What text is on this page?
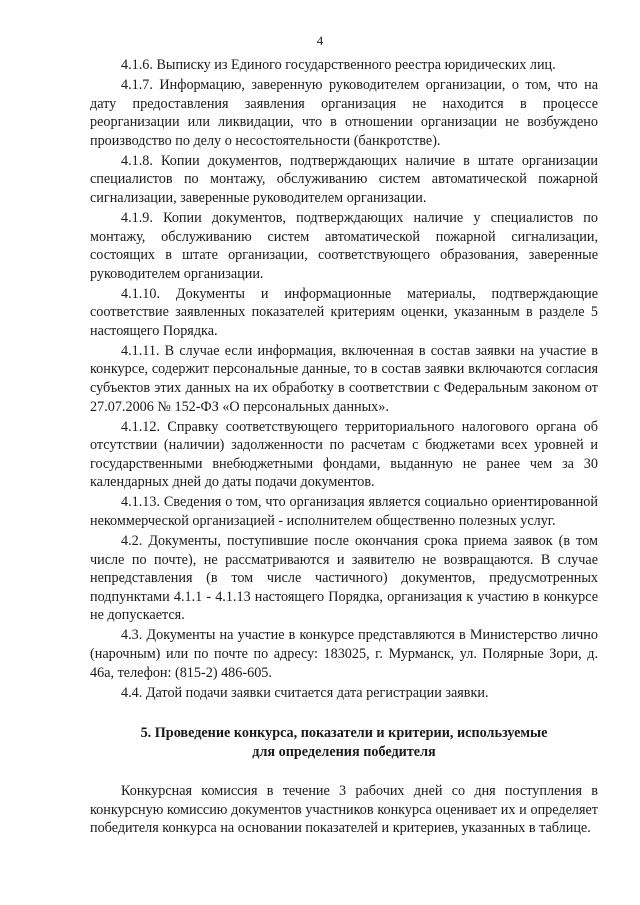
4

4.1.6. Выписку из Единого государственного реестра юридических лиц.

4.1.7. Информацию, заверенную руководителем организации, о том, что на дату предоставления заявления организация не находится в процессе реорганизации или ликвидации, что в отношении организации не возбуждено производство по делу о несостоятельности (банкротстве).

4.1.8. Копии документов, подтверждающих наличие в штате организации специалистов по монтажу, обслуживанию систем автоматической пожарной сигнализации, заверенные руководителем организации.

4.1.9. Копии документов, подтверждающих наличие у специалистов по монтажу, обслуживанию систем автоматической пожарной сигнализации, состоящих в штате организации, соответствующего образования, заверенные руководителем организации.

4.1.10. Документы и информационные материалы, подтверждающие соответствие заявленных показателей критериям оценки, указанным в разделе 5 настоящего Порядка.

4.1.11. В случае если информация, включенная в состав заявки на участие в конкурсе, содержит персональные данные, то в состав заявки включаются согласия субъектов этих данных на их обработку в соответствии с Федеральным законом от 27.07.2006 № 152-ФЗ «О персональных данных».

4.1.12. Справку соответствующего территориального налогового органа об отсутствии (наличии) задолженности по расчетам с бюджетами всех уровней и государственными внебюджетными фондами, выданную не ранее чем за 30 календарных дней до даты подачи документов.

4.1.13. Сведения о том, что организация является социально ориентированной некоммерческой организацией - исполнителем общественно полезных услуг.

4.2. Документы, поступившие после окончания срока приема заявок (в том числе по почте), не рассматриваются и заявителю не возвращаются. В случае непредставления (в том числе частичного) документов, предусмотренных подпунктами 4.1.1 - 4.1.13 настоящего Порядка, организация к участию в конкурсе не допускается.

4.3. Документы на участие в конкурсе представляются в Министерство лично (нарочным) или по почте по адресу: 183025, г. Мурманск, ул. Полярные Зори, д. 46а, телефон: (815-2) 486-605.

4.4. Датой подачи заявки считается дата регистрации заявки.

5. Проведение конкурса, показатели и критерии, используемые
для определения победителя

Конкурсная комиссия в течение 3 рабочих дней со дня поступления в конкурсную комиссию документов участников конкурса оценивает их и определяет победителя конкурса на основании показателей и критериев, указанных в таблице.
